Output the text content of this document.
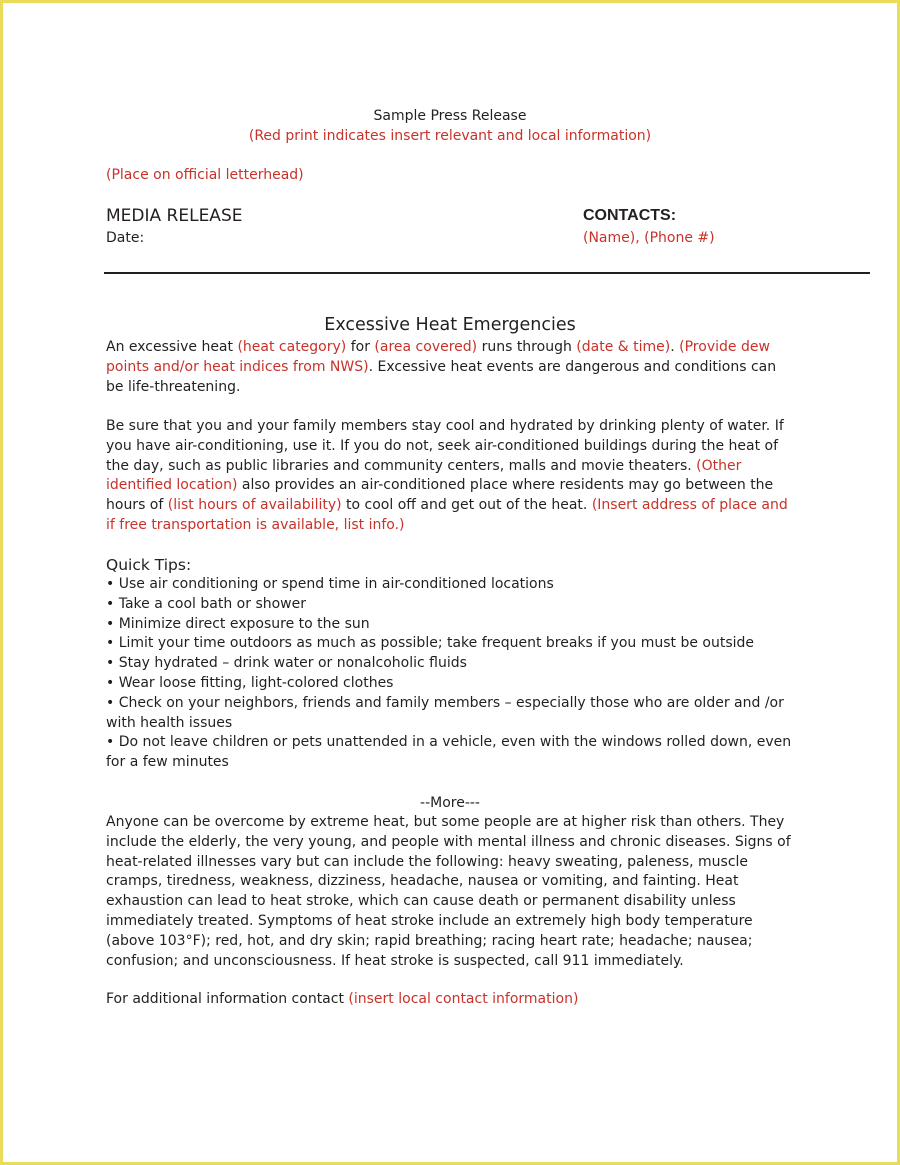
Sample Press Release
(Red print indicates insert relevant and local information)
(Place on official letterhead)
MEDIA RELEASE
Date:
CONTACTS:
(Name), (Phone #)
Excessive Heat Emergencies

An excessive heat (heat category) for (area covered) runs through (date & time). (Provide dew points and/or heat indices from NWS). Excessive heat events are dangerous and conditions can be life-threatening.

Be sure that you and your family members stay cool and hydrated by drinking plenty of water. If you have air-conditioning, use it. If you do not, seek air-conditioned buildings during the heat of the day, such as public libraries and community centers, malls and movie theaters. (Other identified location) also provides an air-conditioned place where residents may go between the hours of (list hours of availability) to cool off and get out of the heat. (Insert address of place and if free transportation is available, list info.)

Quick Tips:
• Use air conditioning or spend time in air-conditioned locations
• Take a cool bath or shower
• Minimize direct exposure to the sun
• Limit your time outdoors as much as possible; take frequent breaks if you must be outside
• Stay hydrated – drink water or nonalcoholic fluids
• Wear loose fitting, light-colored clothes
• Check on your neighbors, friends and family members – especially those who are older and /or with health issues
• Do not leave children or pets unattended in a vehicle, even with the windows rolled down, even for a few minutes
--More---

Anyone can be overcome by extreme heat, but some people are at higher risk than others. They include the elderly, the very young, and people with mental illness and chronic diseases. Signs of heat-related illnesses vary but can include the following: heavy sweating, paleness, muscle cramps, tiredness, weakness, dizziness, headache, nausea or vomiting, and fainting. Heat exhaustion can lead to heat stroke, which can cause death or permanent disability unless immediately treated. Symptoms of heat stroke include an extremely high body temperature (above 103°F); red, hot, and dry skin; rapid breathing; racing heart rate; headache; nausea; confusion; and unconsciousness. If heat stroke is suspected, call 911 immediately.

For additional information contact (insert local contact information)
